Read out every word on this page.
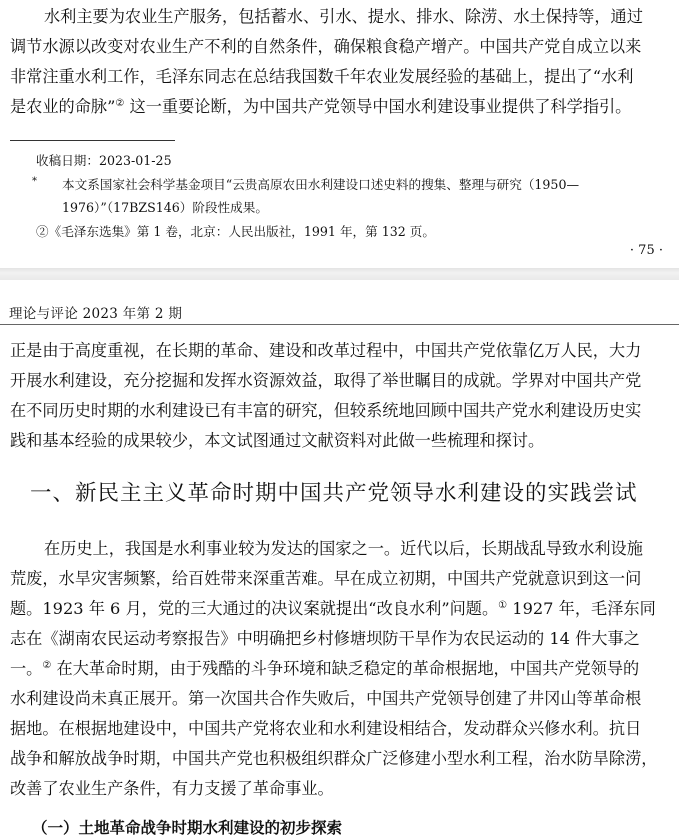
水利主要为农业生产服务，包括蓄水、引水、提水、排水、除涝、水土保持等，通过
调节水源以改变对农业生产不利的自然条件，确保粮食稳产增产。中国共产党自成立以来
非常注重水利工作，毛泽东同志在总结我国数千年农业发展经验的基础上，提出了“水利
是农业的命脉”② 这一重要论断，为中国共产党领导中国水利建设事业提供了科学指引。
收稿日期：2023-01-25
* 本文系国家社会科学基金项目“云贵高原农田水利建设口述史料的搜集、整理与研究（1950—
1976）”（17BZS146）阶段性成果。
②《毛泽东选集》第 1 卷，北京：人民出版社，1991 年，第 132 页。
· 75 ·
理论与评论 2023 年第 2 期
正是由于高度重视，在长期的革命、建设和改革过程中，中国共产党依靠亿万人民，大力
开展水利建设，充分挖掘和发挥水资源效益，取得了举世瞩目的成就。学界对中国共产党
在不同历史时期的水利建设已有丰富的研究，但较系统地回顾中国共产党水利建设历史实
践和基本经验的成果较少，本文试图通过文献资料对此做一些梳理和探讨。
一、新民主主义革命时期中国共产党领导水利建设的实践尝试
在历史上，我国是水利事业较为发达的国家之一。近代以后，长期战乱导致水利设施
荒废，水旱灾害频繁，给百姓带来深重苦难。早在成立初期，中国共产党就意识到这一问
题。1923 年 6 月，党的三大通过的决议案就提出“改良水利”问题。① 1927 年，毛泽东同
志在《湖南农民运动考察报告》中明确把乡村修塘坝防干旱作为农民运动的 14 件大事之
一。② 在大革命时期，由于残酷的斗争环境和缺乏稳定的革命根据地，中国共产党领导的
水利建设尚未真正展开。第一次国共合作失败后，中国共产党领导创建了井冈山等革命根
据地。在根据地建设中，中国共产党将农业和水利建设相结合，发动群众兴修水利。抗日
战争和解放战争时期，中国共产党也积极组织群众广泛修建小型水利工程，治水防旱除涝，
改善了农业生产条件，有力支援了革命事业。
（一）土地革命战争时期水利建设的初步探索
